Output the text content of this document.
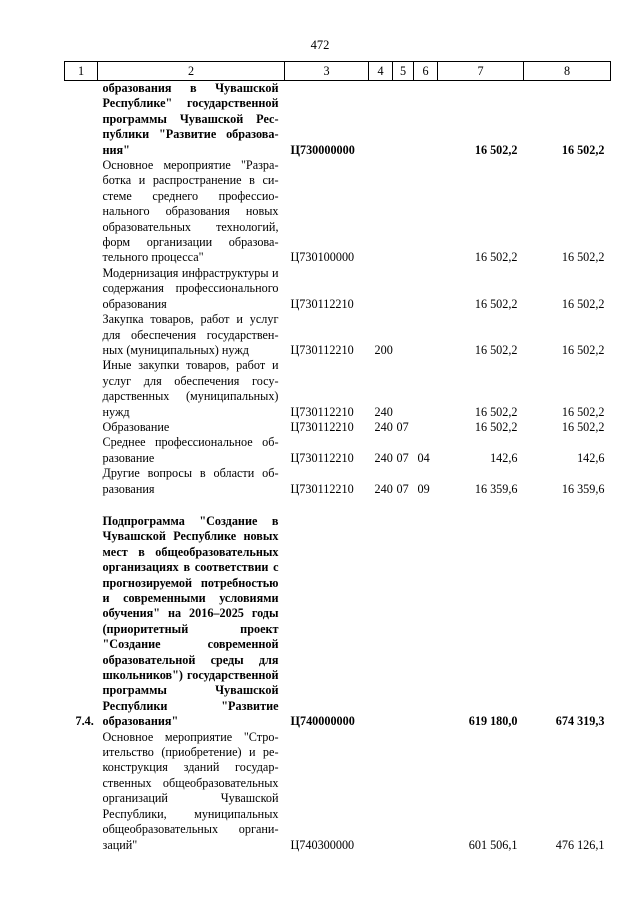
472
1	2	3	4	5	6	7	8
	образования в Чувашской Республике" государственной программы Чувашской Республики "Развитие образования"	Ц730000000				16 502,2	16 502,2
	Основное мероприятие "Разработка и распространение в системе среднего профессионального образования новых образовательных технологий, форм организации образовательного процесса"	Ц730100000				16 502,2	16 502,2
	Модернизация инфраструктуры и содержания профессионального образования	Ц730112210				16 502,2	16 502,2
	Закупка товаров, работ и услуг для обеспечения государственных (муниципальных) нужд	Ц730112210	200			16 502,2	16 502,2
	Иные закупки товаров, работ и услуг для обеспечения государственных (муниципальных) нужд	Ц730112210	240			16 502,2	16 502,2
	Образование	Ц730112210	240	07		16 502,2	16 502,2
	Среднее профессиональное образование	Ц730112210	240	07	04	142,6	142,6
	Другие вопросы в области образования	Ц730112210	240	07	09	16 359,6	16 359,6

7.4.	Подпрограмма "Создание в Чувашской Республике новых мест в общеобразовательных организациях в соответствии с прогнозируемой потребностью и современными условиями обучения" на 2016–2025 годы (приоритетный проект "Создание современной образовательной среды для школьников") государственной программы Чувашской Республики "Развитие образования"	Ц740000000				619 180,0	674 319,3
	Основное мероприятие "Строительство (приобретение) и реконструкция зданий государственных общеобразовательных организаций Чувашской Республики, муниципальных общеобразовательных организаций"	Ц740300000				601 506,1	476 126,1
